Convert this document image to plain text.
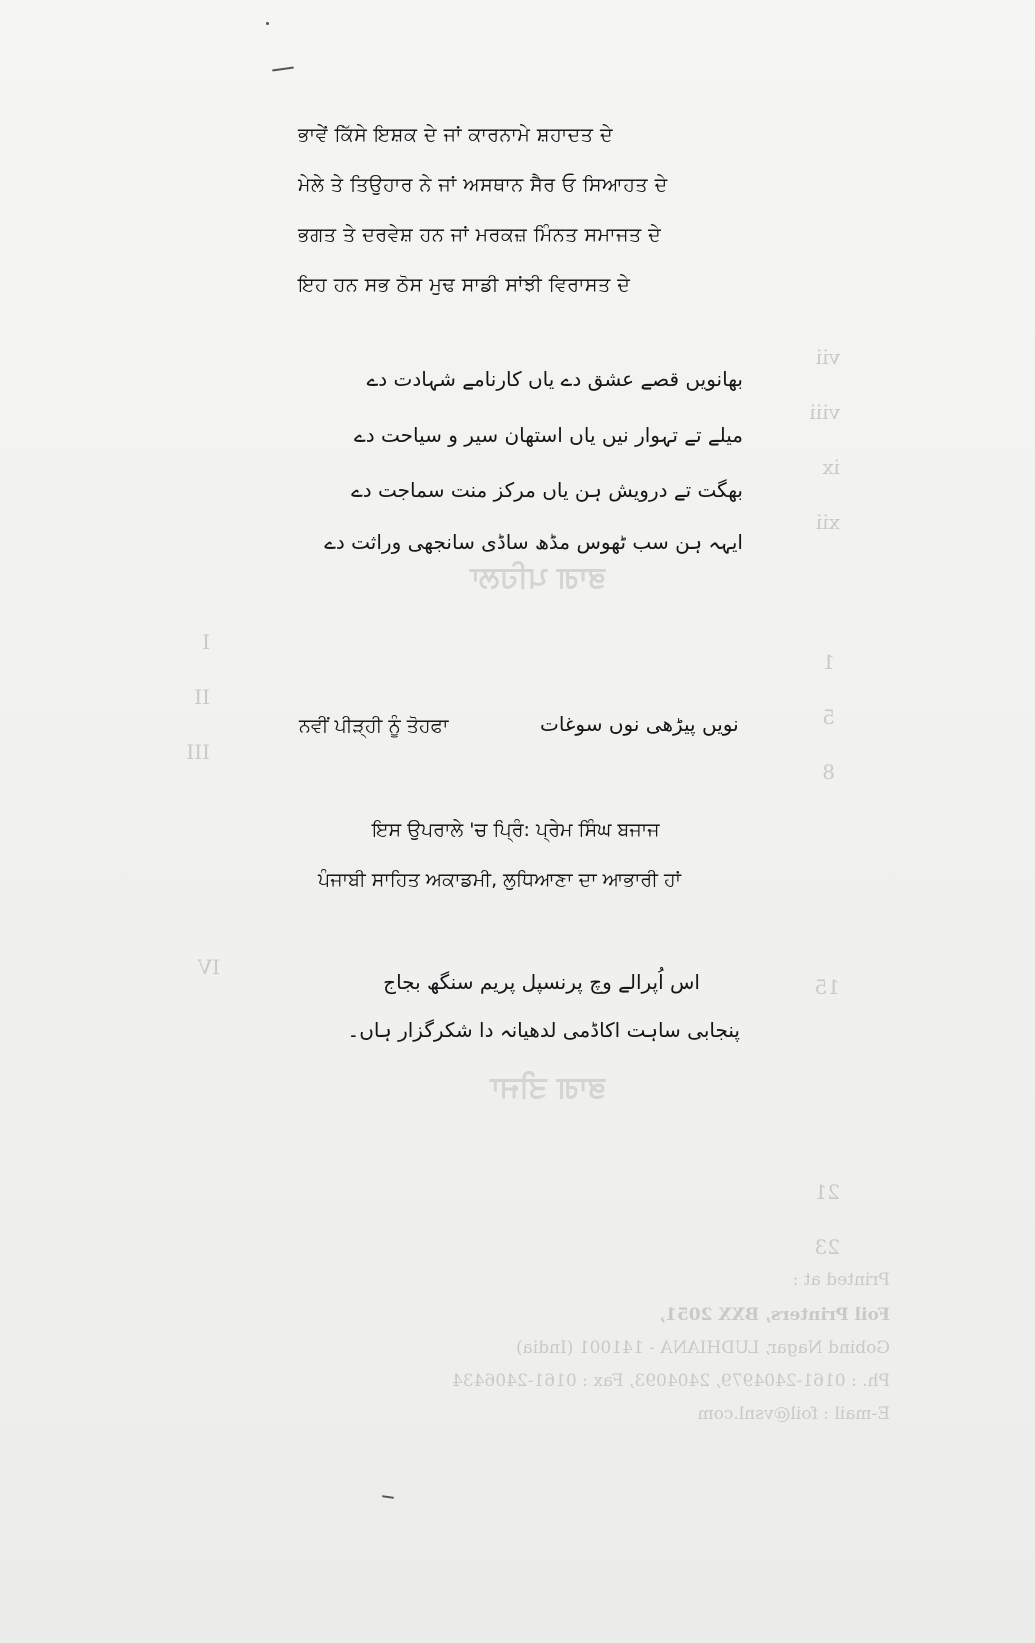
ਭਾਗ ਪਹਿਲਾ
ਭਾਗ ਤੀਜਾ
vii
viii
ix
xii
1
5
8
15
21
23
I
II
III
IV
Printed at :
Foil Printers, BXX 2051,
Gobind Nagar, LUDHIANA - 141001 (India)
Ph. : 0161-2404979, 2404093, Fax : 0161-2406434
E-mail : foil@vsnl.com
ਭਾਵੇਂ ਕਿੱਸੇ ਇਸ਼ਕ ਦੇ ਜਾਂ ਕਾਰਨਾਮੇ ਸ਼ਹਾਦਤ ਦੇ
ਮੇਲੇ ਤੇ ਤਿਉਹਾਰ ਨੇ ਜਾਂ ਅਸਥਾਨ ਸੈਰ ਓ ਸਿਆਹਤ ਦੇ
ਭਗਤ ਤੇ ਦਰਵੇਸ਼ ਹਨ ਜਾਂ ਮਰਕਜ਼ ਮਿੰਨਤ ਸਮਾਜਤ ਦੇ
ਇਹ ਹਨ ਸਭ ਠੋਸ ਮੁਢ ਸਾਡੀ ਸਾਂਝੀ ਵਿਰਾਸਤ ਦੇ
بھانویں قصے عشق دے یاں کارنامے شہادت دے
میلے تے تہوار نیں یاں استھان سیر و سیاحت دے
بھگت تے درویش ہن یاں مرکز منت سماجت دے
ایہہ ہن سب ٹھوس مڈھ ساڈی سانجھی وراثت دے
ਨਵੀਂ ਪੀੜ੍ਹੀ ਨੂੰ ਤੋਹਫਾ	نویں پیڑھی نوں سوغات
ਇਸ ਉਪਰਾਲੇ 'ਚ ਪ੍ਰਿੰ: ਪ੍ਰੇਮ ਸਿੰਘ ਬਜਾਜ
ਪੰਜਾਬੀ ਸਾਹਿਤ ਅਕਾਡਮੀ, ਲੁਧਿਆਣਾ ਦਾ ਆਭਾਰੀ ਹਾਂ
اس اُپرالے وچ پرنسپل پریم سنگھ بجاج
پنجابی ساہت اکاڈمی لدھیانہ دا شکرگزار ہاں۔
